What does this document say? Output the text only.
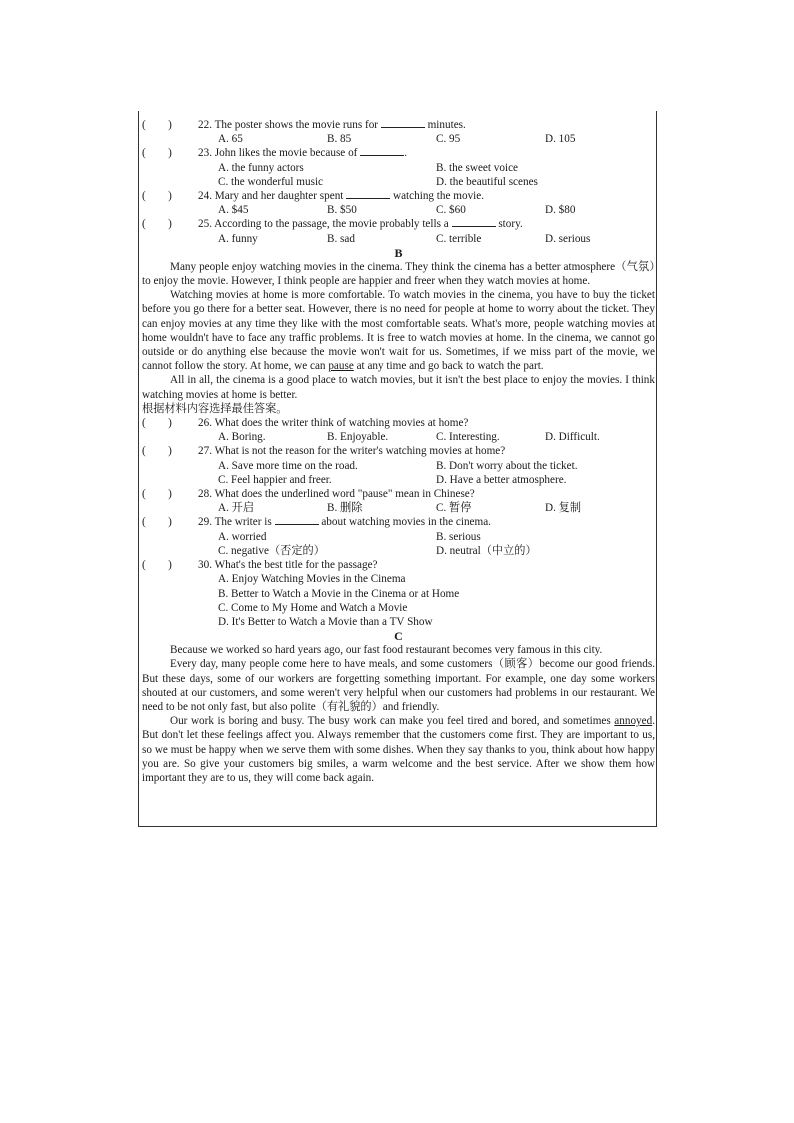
(        )	22. The poster shows the movie runs for	minutes.
A. 65	B. 85	C. 95	D. 105
(        )	23. John likes the movie because of	.
A. the funny actors	B. the sweet voice
C. the wonderful music	D. the beautiful scenes
(        )	24. Mary and her daughter spent	watching the movie.
A. $45	B. $50	C. $60	D. $80
(        )	25. According to the passage, the movie probably tells a	story.
A. funny	B. sad	C. terrible	D. serious
B

Many people enjoy watching movies in the cinema. They think the cinema has a better atmosphere（气氛）to enjoy the movie. However, I think people are happier and freer when they watch movies at home.

Watching movies at home is more comfortable. To watch movies in the cinema, you have to buy the ticket before you go there for a better seat. However, there is no need for people at home to worry about the ticket. They can enjoy movies at any time they like with the most comfortable seats. What's more, people watching movies at home wouldn't have to face any traffic problems. It is free to watch movies at home. In the cinema, we cannot go outside or do anything else because the movie won't wait for us. Sometimes, if we miss part of the movie, we cannot follow the story. At home, we can pause at any time and go back to watch the part.

All in all, the cinema is a good place to watch movies, but it isn't the best place to enjoy the movies. I think watching movies at home is better.

根据材料内容选择最佳答案。

(        )	26. What does the writer think of watching movies at home?
A. Boring.	B. Enjoyable.	C. Interesting.	D. Difficult.
(        )	27. What is not the reason for the writer's watching movies at home?
A. Save more time on the road.	B. Don't worry about the ticket.
C. Feel happier and freer.	D. Have a better atmosphere.
(        )	28. What does the underlined word "pause" mean in Chinese?
A. 开启	B. 删除	C. 暂停	D. 复制
(        )	29. The writer is	about watching movies in the cinema.
A. worried	B. serious
C. negative（否定的）	D. neutral（中立的）
(        )	30. What's the best title for the passage?
A. Enjoy Watching Movies in the Cinema
B. Better to Watch a Movie in the Cinema or at Home
C. Come to My Home and Watch a Movie
D. It's Better to Watch a Movie than a TV Show
C

Because we worked so hard years ago, our fast food restaurant becomes very famous in this city.

Every day, many people come here to have meals, and some customers（顾客）become our good friends. But these days, some of our workers are forgetting something important. For example, one day some workers shouted at our customers, and some weren't very helpful when our customers had problems in our restaurant. We need to be not only fast, but also polite（有礼貌的）and friendly.

Our work is boring and busy. The busy work can make you feel tired and bored, and sometimes annoyed. But don't let these feelings affect you. Always remember that the customers come first. They are important to us, so we must be happy when we serve them with some dishes. When they say thanks to you, think about how happy you are. So give your customers big smiles, a warm welcome and the best service. After we show them how important they are to us, they will come back again.
